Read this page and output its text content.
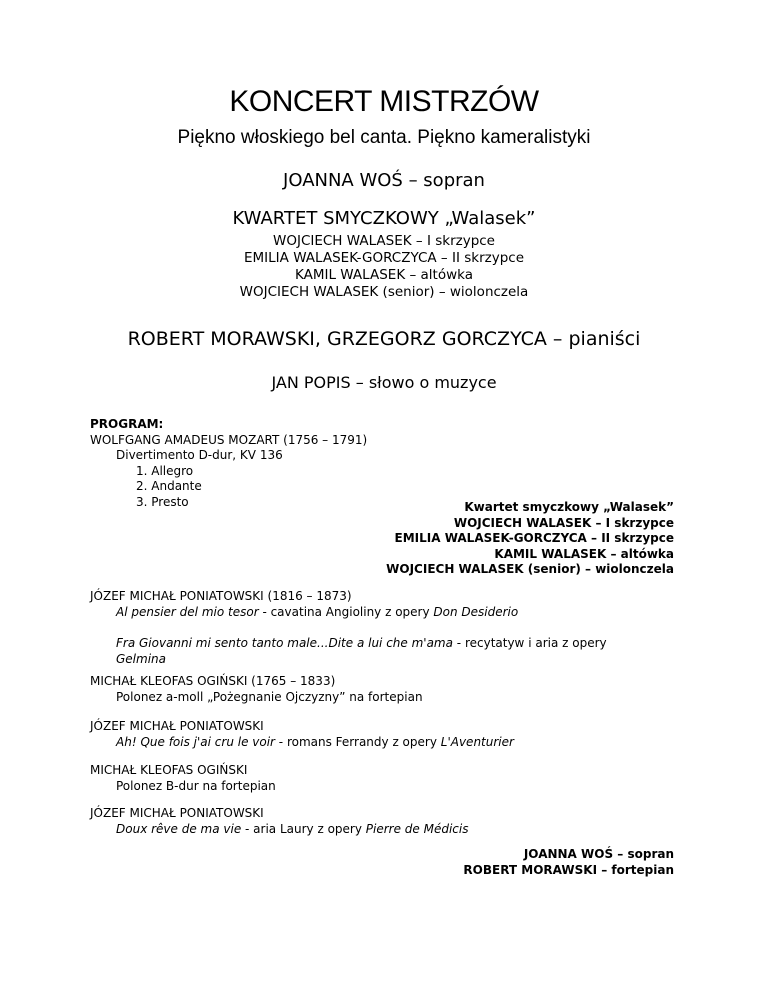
KONCERT MISTRZÓW
Piękno włoskiego bel canta. Piękno kameralistyki
JOANNA WOŚ – sopran
KWARTET SMYCZKOWY „Walasek”
WOJCIECH WALASEK – I skrzypce
EMILIA WALASEK-GORCZYCA – II skrzypce
KAMIL WALASEK – altówka
WOJCIECH WALASEK (senior) – wiolonczela
ROBERT MORAWSKI, GRZEGORZ GORCZYCA – pianiści
JAN POPIS – słowo o muzyce
PROGRAM:
WOLFGANG AMADEUS MOZART (1756 – 1791)
Divertimento D-dur, KV 136
1. Allegro
2. Andante
3. Presto	Kwartet smyczkowy „Walasek”
WOJCIECH WALASEK – I skrzypce
EMILIA WALASEK-GORCZYCA – II skrzypce
KAMIL WALASEK – altówka
WOJCIECH WALASEK (senior) – wiolonczela
JÓZEF MICHAŁ PONIATOWSKI (1816 – 1873)
Al pensier del mio tesor - cavatina Angioliny z opery Don Desiderio
Fra Giovanni mi sento tanto male...Dite a lui che m'ama - recytatyw i aria z opery
Gelmina
MICHAŁ KLEOFAS OGIŃSKI (1765 – 1833)
Polonez a-moll „Pożegnanie Ojczyzny” na fortepian
JÓZEF MICHAŁ PONIATOWSKI
Ah! Que fois j'ai cru le voir - romans Ferrandy z opery L'Aventurier
MICHAŁ KLEOFAS OGIŃSKI
Polonez B-dur na fortepian
JÓZEF MICHAŁ PONIATOWSKI
Doux rêve de ma vie - aria Laury z opery Pierre de Médicis
JOANNA WOŚ – sopran
ROBERT MORAWSKI – fortepian
